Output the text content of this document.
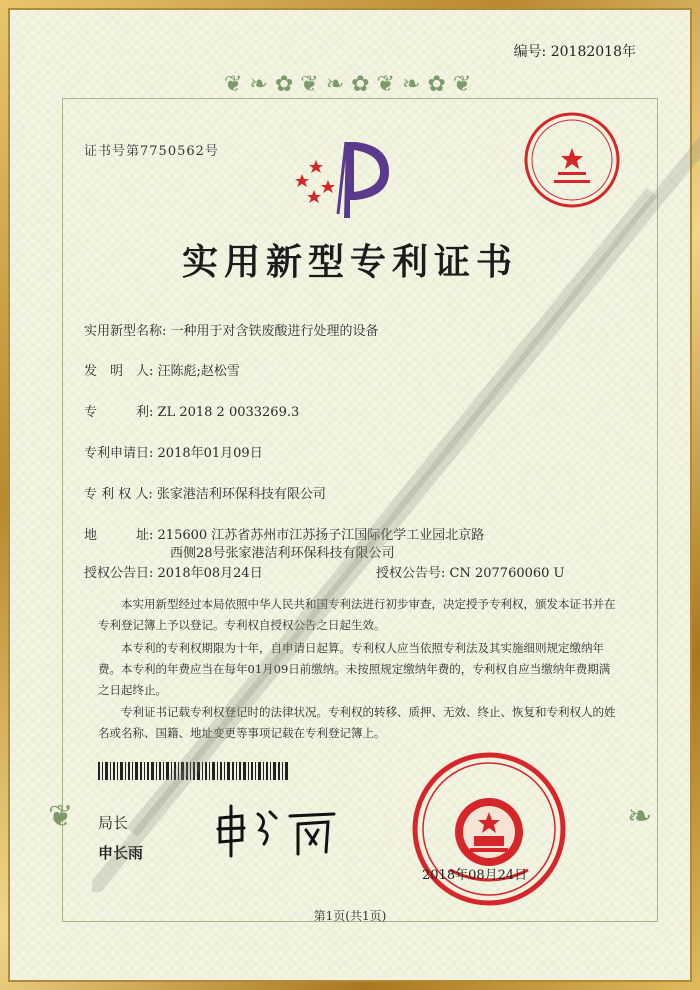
编号: 20182018年
❦ ❧ ✿ ❦ ❧ ✿ ❦ ❧ ✿ ❦
❦	❧
证书号第7750562号
实用新型专利证书
实用新型名称: 一种用于对含铁废酸进行处理的设备
发　明　人: 汪陈彪;赵松雪
专　　　利: ZL 2018 2 0033269.3
专利申请日: 2018年01月09日
专 利 权 人: 张家港洁利环保科技有限公司
地　　　址: 215600 江苏省苏州市江苏扬子江国际化学工业园北京路
西侧28号张家港洁利环保科技有限公司
授权公告日: 2018年08月24日	授权公告号: CN 207760060 U
本实用新型经过本局依照中华人民共和国专利法进行初步审查，决定授予专利权，颁发本证书并在专利登记簿上予以登记。专利权自授权公告之日起生效。
本专利的专利权期限为十年，自申请日起算。专利权人应当依照专利法及其实施细则规定缴纳年费。本专利的年费应当在每年01月09日前缴纳。未按照规定缴纳年费的，专利权自应当缴纳年费期满之日起终止。
专利证书记载专利权登记时的法律状况。专利权的转移、质押、无效、终止、恢复和专利权人的姓名或名称、国籍、地址变更等事项记载在专利登记簿上。
局长
申长雨
2018年08月24日
第1页(共1页)
